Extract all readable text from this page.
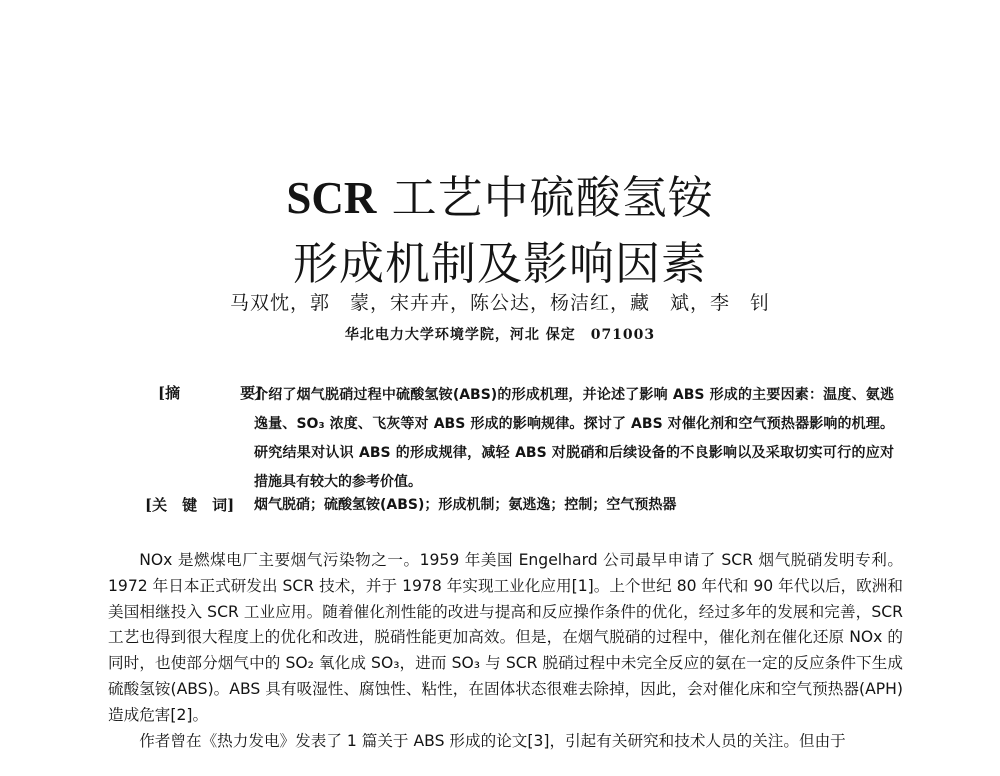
SCR 工艺中硫酸氢铵
形成机制及影响因素
马双忱，郭　蒙，宋卉卉，陈公达，杨洁红，藏　斌，李　钊
华北电力大学环境学院，河北 保定　071003
[摘　　　　要]
介绍了烟气脱硝过程中硫酸氢铵(ABS)的形成机理，并论述了影响 ABS 形成的主要因素：温度、氨逃逸量、SO₃ 浓度、飞灰等对 ABS 形成的影响规律。探讨了 ABS 对催化剂和空气预热器影响的机理。研究结果对认识 ABS 的形成规律，减轻 ABS 对脱硝和后续设备的不良影响以及采取切实可行的应对措施具有较大的参考价值。
[关　键　词] 烟气脱硝；硫酸氢铵(ABS)；形成机制；氨逃逸；控制；空气预热器

NOx 是燃煤电厂主要烟气污染物之一。1959 年美国 Engelhard 公司最早申请了 SCR 烟气脱硝发明专利。1972 年日本正式研发出 SCR 技术，并于 1978 年实现工业化应用[1]。上个世纪 80 年代和 90 年代以后，欧洲和美国相继投入 SCR 工业应用。随着催化剂性能的改进与提高和反应操作条件的优化，经过多年的发展和完善，SCR 工艺也得到很大程度上的优化和改进，脱硝性能更加高效。但是，在烟气脱硝的过程中，催化剂在催化还原 NOx 的同时，也使部分烟气中的 SO₂ 氧化成 SO₃，进而 SO₃ 与 SCR 脱硝过程中未完全反应的氨在一定的反应条件下生成硫酸氢铵(ABS)。ABS 具有吸湿性、腐蚀性、粘性，在固体状态很难去除掉，因此，会对催化床和空气预热器(APH)造成危害[2]。

作者曾在《热力发电》发表了 1 篇关于 ABS 形成的论文[3]，引起有关研究和技术人员的关注。但由于
